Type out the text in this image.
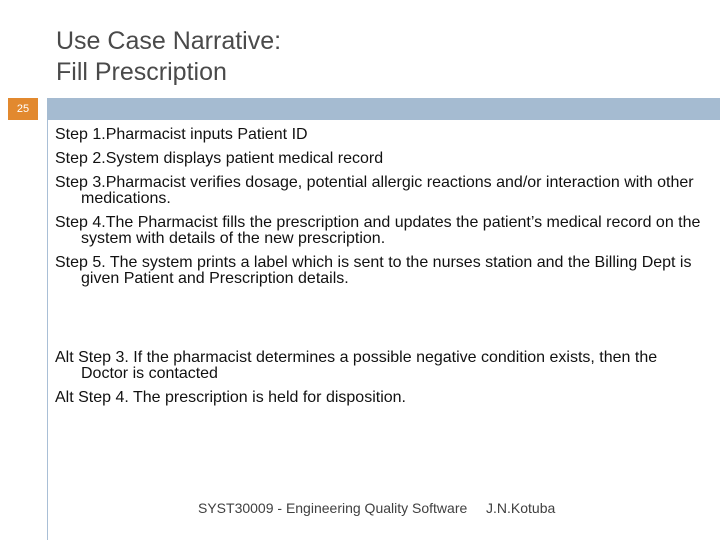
Use Case Narrative:
Fill Prescription
25
Step 1.Pharmacist inputs Patient ID
Step 2.System displays patient medical record
Step 3.Pharmacist verifies dosage, potential allergic reactions and/or interaction with other medications.
Step 4.The Pharmacist fills the prescription and updates the patient’s medical record on the system with details of the new prescription.
Step 5. The system prints a label which is sent to the nurses station and the Billing Dept is given Patient and Prescription details.
Alt Step 3. If the pharmacist determines a possible negative condition exists, then the Doctor is contacted
Alt Step 4. The prescription is held for disposition.
SYST30009 - Engineering Quality Software J.N.Kotuba
